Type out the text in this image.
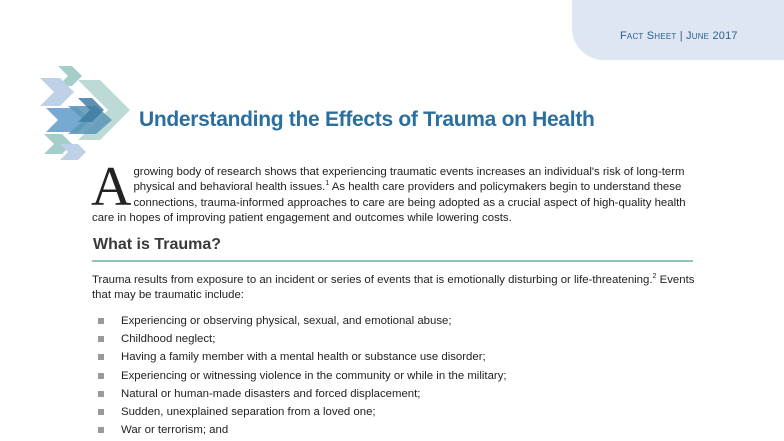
Fact Sheet | June 2017
Understanding the Effects of Trauma on Health
A growing body of research shows that experiencing traumatic events increases an individual's risk of long-term physical and behavioral health issues.$^1$ As health care providers and policymakers begin to understand these connections, trauma-informed approaches to care are being adopted as a crucial aspect of high-quality health care in hopes of improving patient engagement and outcomes while lowering costs.
What is Trauma?
Trauma results from exposure to an incident or series of events that is emotionally disturbing or life-threatening.$^2$ Events that may be traumatic include:
Experiencing or observing physical, sexual, and emotional abuse;
Childhood neglect;
Having a family member with a mental health or substance use disorder;
Experiencing or witnessing violence in the community or while in the military;
Natural or human-made disasters and forced displacement;
Sudden, unexplained separation from a loved one;
War or terrorism; and
